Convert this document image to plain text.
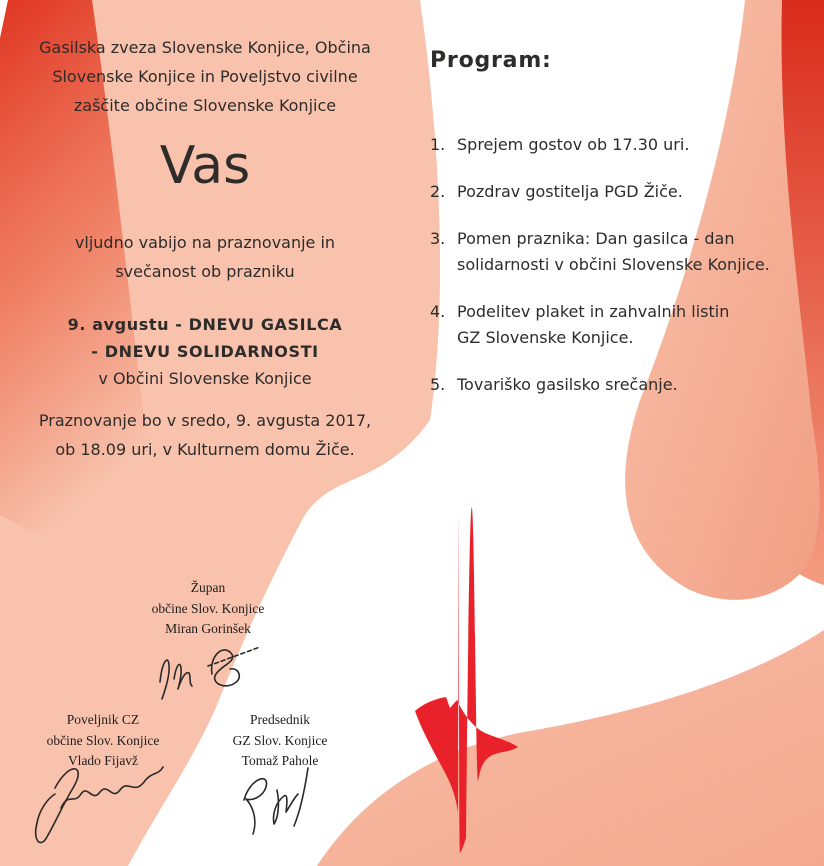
Gasilska zveza Slovenske Konjice, Občina
Slovenske Konjice in Poveljstvo civilne
zaščite občine Slovenske Konjice
Vas
vljudno vabijo na praznovanje in
svečanost ob prazniku
9. avgustu - DNEVU GASILCA
- DNEVU SOLIDARNOSTI
v Občini Slovenske Konjice
Praznovanje bo v sredo, 9. avgusta 2017,
ob 18.09 uri, v Kulturnem domu Žiče.
Program:
1. Sprejem gostov ob 17.30 uri.
2. Pozdrav gostitelja PGD Žiče.
3. Pomen praznika: Dan gasilca - dan
solidarnosti v občini Slovenske Konjice.
4. Podelitev plaket in zahvalnih listin
GZ Slovenske Konjice.
5. Tovariško gasilsko srečanje.
Župan
občine Slov. Konjice
Miran Gorinšek
Poveljnik CZ
občine Slov. Konjice
Vlado Fijavž
Predsednik
GZ Slov. Konjice
Tomaž Pahole
